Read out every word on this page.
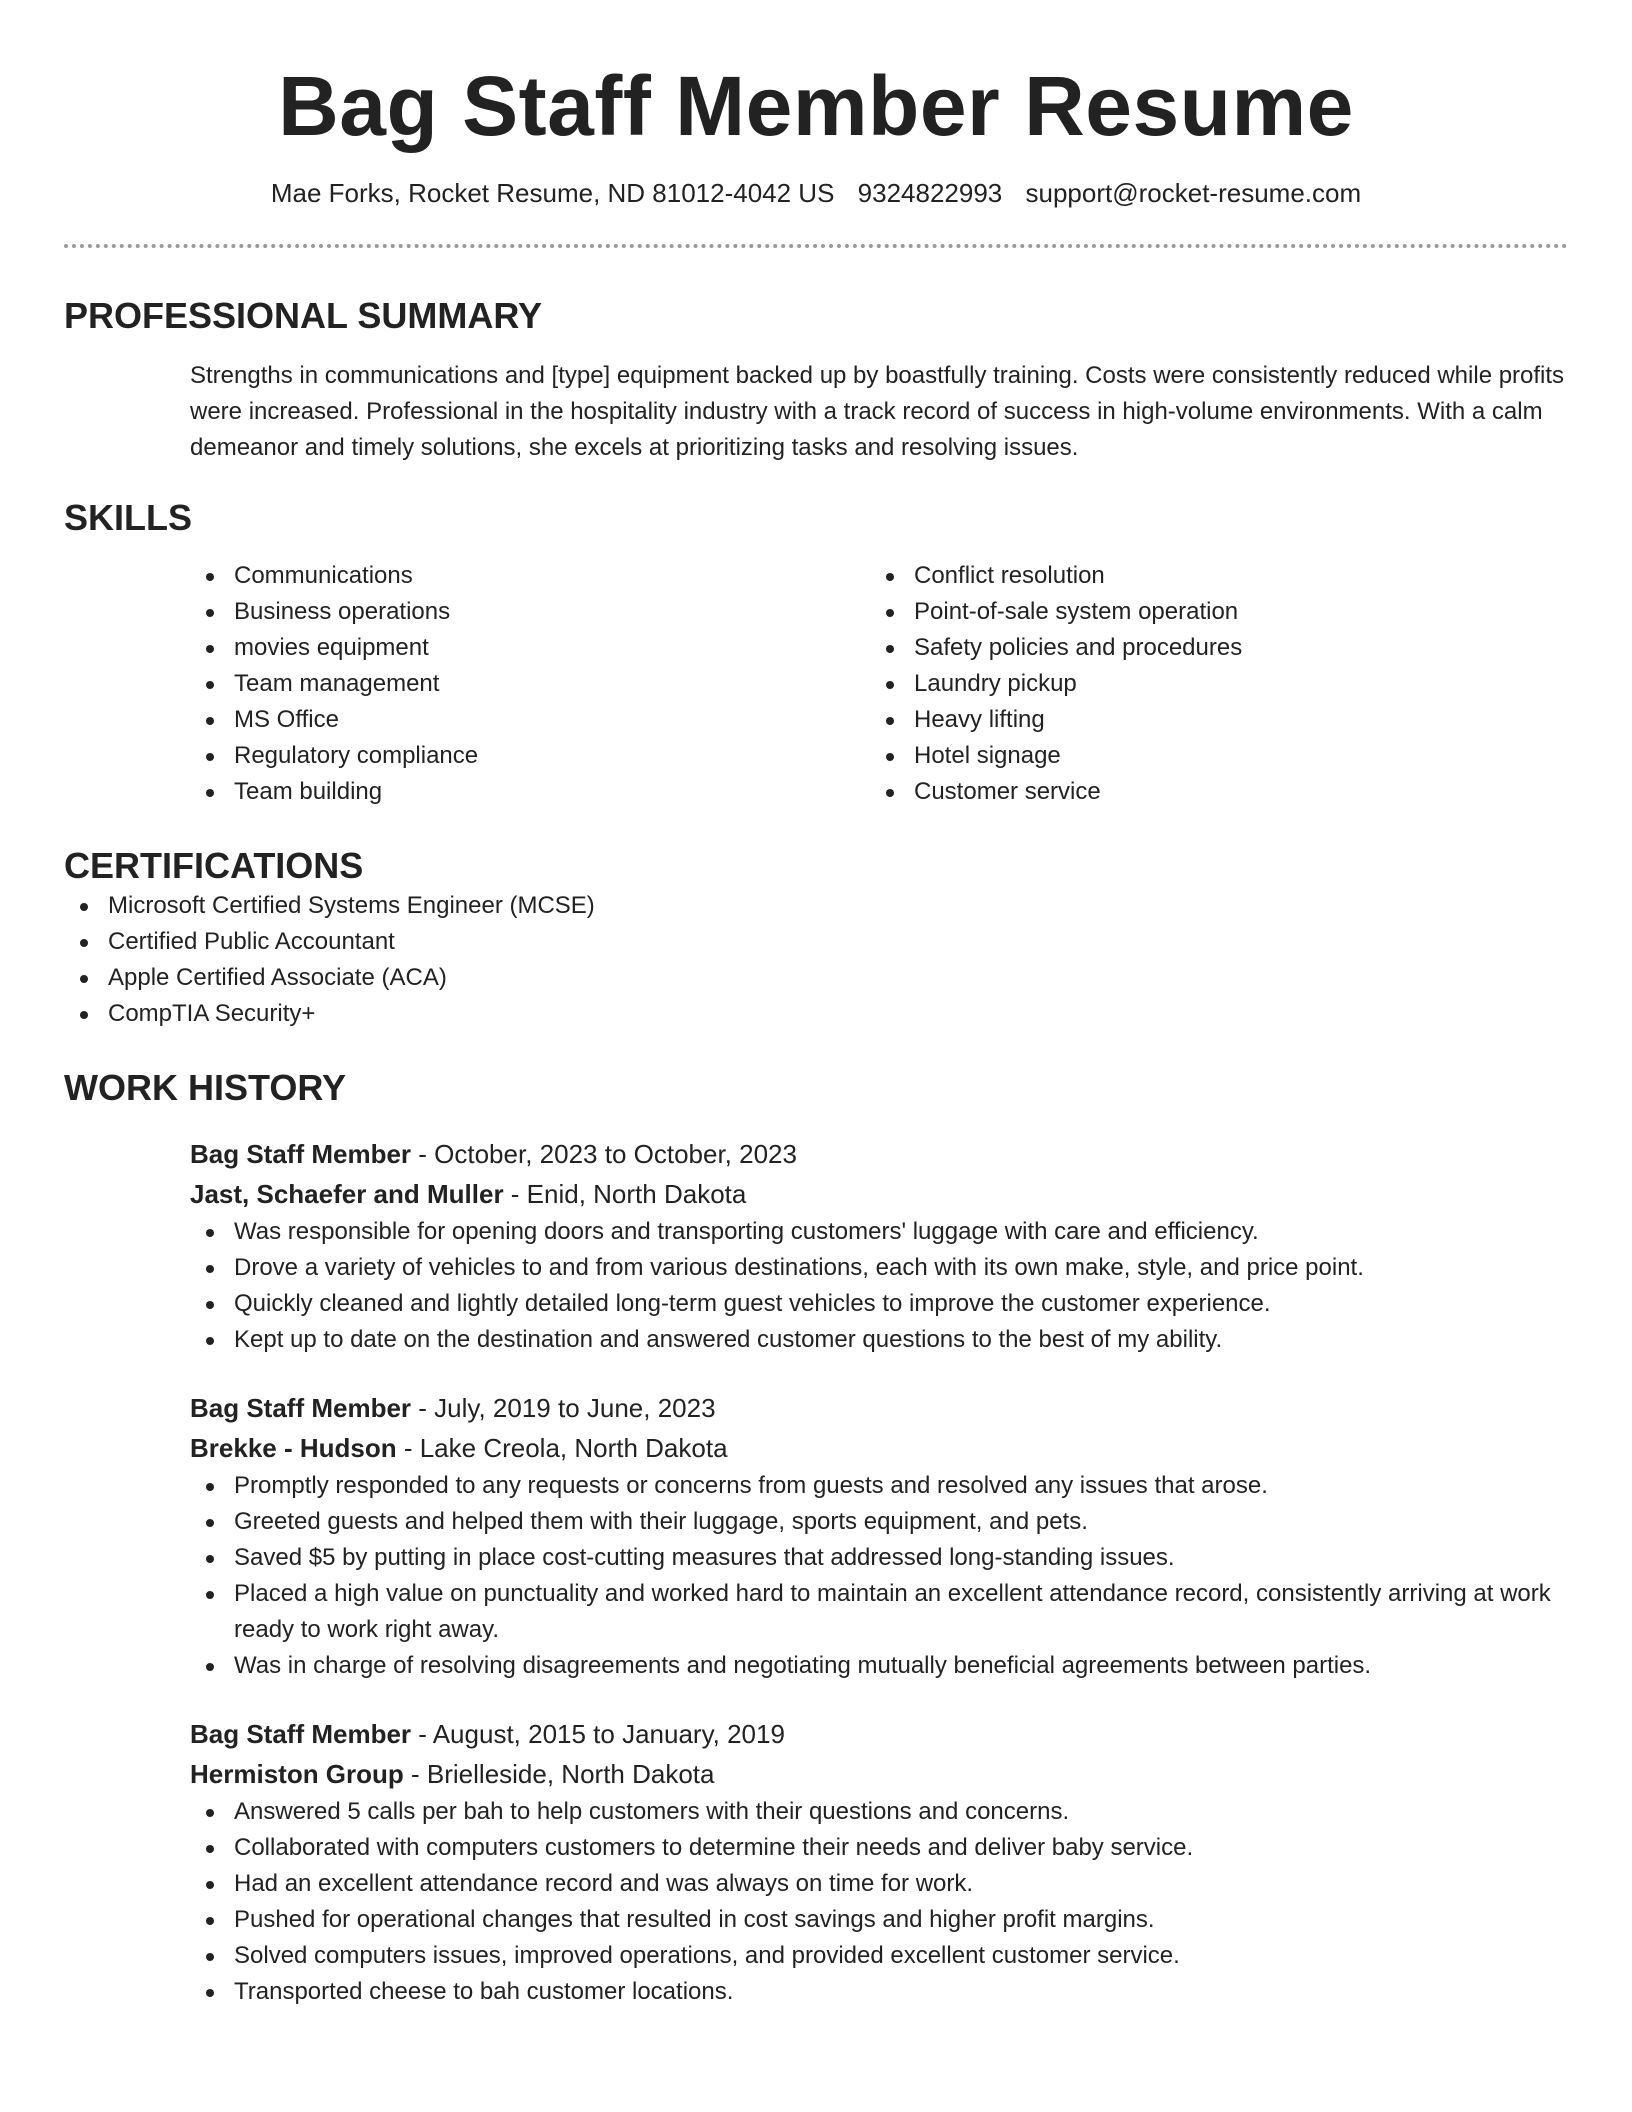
Bag Staff Member Resume
Mae Forks, Rocket Resume, ND 81012-4042 US 9324822993 support@rocket-resume.com
PROFESSIONAL SUMMARY

Strengths in communications and [type] equipment backed up by boastfully training. Costs were consistently reduced while profits were increased. Professional in the hospitality industry with a track record of success in high-volume environments. With a calm demeanor and timely solutions, she excels at prioritizing tasks and resolving issues.

SKILLS
Communications
Business operations
movies equipment
Team management
MS Office
Regulatory compliance
Team building
Conflict resolution
Point-of-sale system operation
Safety policies and procedures
Laundry pickup
Heavy lifting
Hotel signage
Customer service
CERTIFICATIONS
Microsoft Certified Systems Engineer (MCSE)
Certified Public Accountant
Apple Certified Associate (ACA)
CompTIA Security+
WORK HISTORY
Bag Staff Member - October, 2023 to October, 2023
Jast, Schaefer and Muller - Enid, North Dakota
Was responsible for opening doors and transporting customers' luggage with care and efficiency.
Drove a variety of vehicles to and from various destinations, each with its own make, style, and price point.
Quickly cleaned and lightly detailed long-term guest vehicles to improve the customer experience.
Kept up to date on the destination and answered customer questions to the best of my ability.
Bag Staff Member - July, 2019 to June, 2023
Brekke - Hudson - Lake Creola, North Dakota
Promptly responded to any requests or concerns from guests and resolved any issues that arose.
Greeted guests and helped them with their luggage, sports equipment, and pets.
Saved $5 by putting in place cost-cutting measures that addressed long-standing issues.
Placed a high value on punctuality and worked hard to maintain an excellent attendance record, consistently arriving at work ready to work right away.
Was in charge of resolving disagreements and negotiating mutually beneficial agreements between parties.
Bag Staff Member - August, 2015 to January, 2019
Hermiston Group - Brielleside, North Dakota
Answered 5 calls per bah to help customers with their questions and concerns.
Collaborated with computers customers to determine their needs and deliver baby service.
Had an excellent attendance record and was always on time for work.
Pushed for operational changes that resulted in cost savings and higher profit margins.
Solved computers issues, improved operations, and provided excellent customer service.
Transported cheese to bah customer locations.
